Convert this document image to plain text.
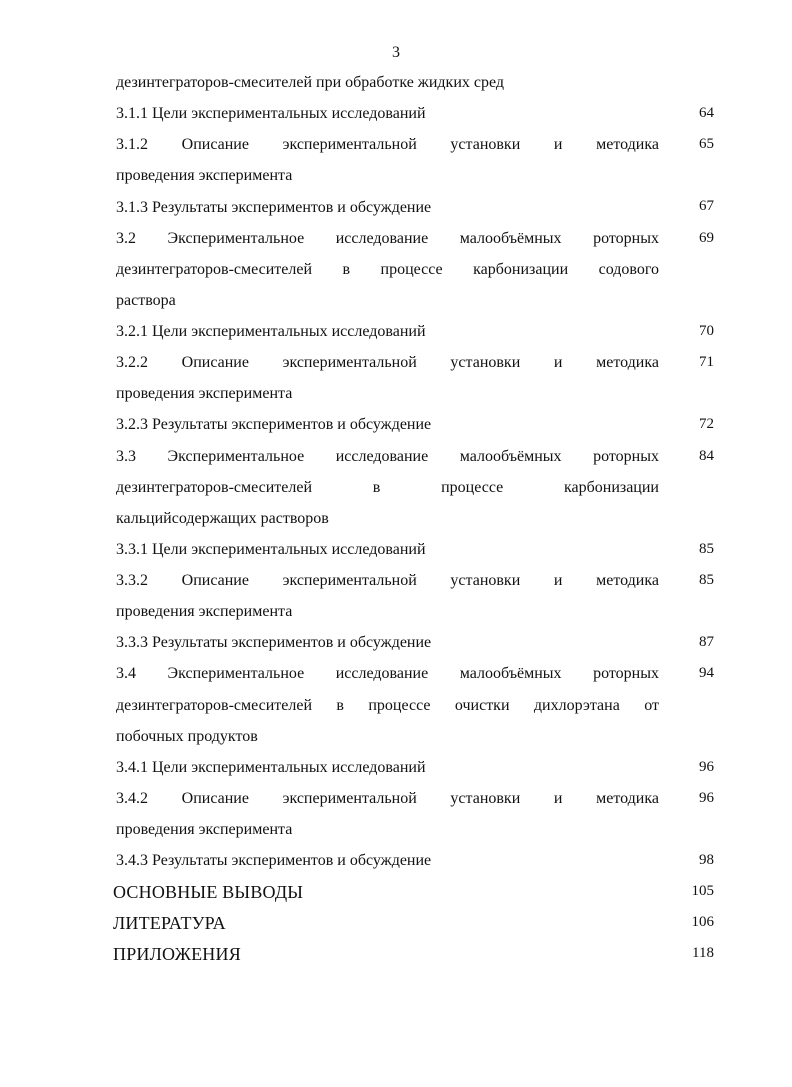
3
дезинтеграторов-смесителей при обработке жидких сред
3.1.1 Цели экспериментальных исследований	64
3.1.2 Описание экспериментальной установки и методика	65
проведения эксперимента
3.1.3 Результаты экспериментов и обсуждение	67
3.2 Экспериментальное исследование малообъёмных роторных	69
дезинтеграторов-смесителей в процессе карбонизации содового
раствора
3.2.1 Цели экспериментальных исследований	70
3.2.2 Описание экспериментальной установки и методика	71
проведения эксперимента
3.2.3 Результаты экспериментов и обсуждение	72
3.3 Экспериментальное исследование малообъёмных роторных	84
дезинтеграторов-смесителей в процессе карбонизации
кальцийсодержащих растворов
3.3.1 Цели экспериментальных исследований	85
3.3.2 Описание экспериментальной установки и методика	85
проведения эксперимента
3.3.3 Результаты экспериментов и обсуждение	87
3.4 Экспериментальное исследование малообъёмных роторных	94
дезинтеграторов-смесителей в процессе очистки дихлорэтана от
побочных продуктов
3.4.1 Цели экспериментальных исследований	96
3.4.2 Описание экспериментальной установки и методика	96
проведения эксперимента
3.4.3 Результаты экспериментов и обсуждение	98
ОСНОВНЫЕ ВЫВОДЫ	105
ЛИТЕРАТУРА	106
ПРИЛОЖЕНИЯ	118
